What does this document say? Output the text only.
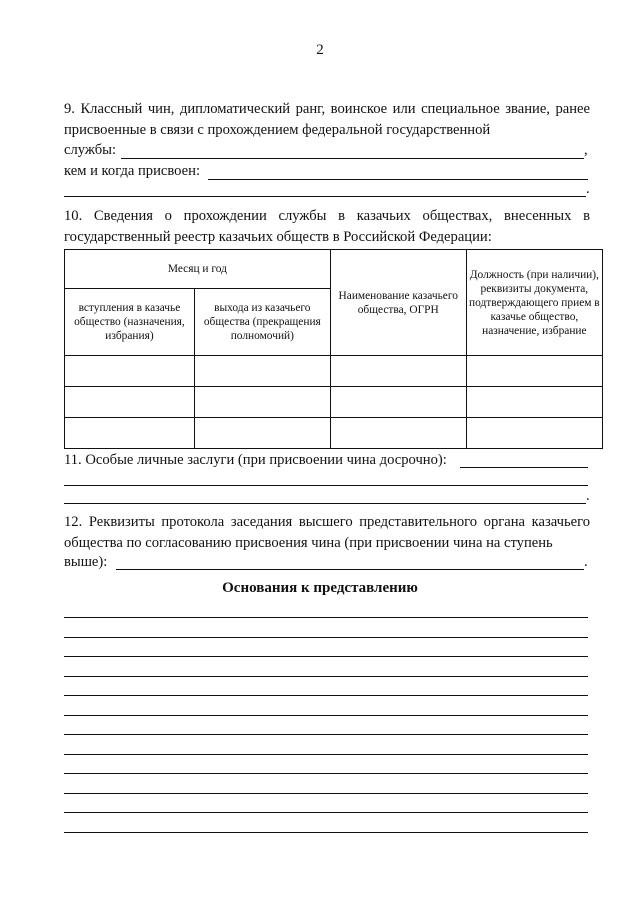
2
9. Классный чин, дипломатический ранг, воинское или специальное звание, ранее присвоенные в связи с прохождением федеральной государственной
службы:	,
кем и когда присвоен:
.
10. Сведения о прохождении службы в казачьих обществах, внесенных в государственный реестр казачьих обществ в Российской Федерации:
Месяц и год		Наименование казачьего общества, ОГРН	Должность (при наличии), реквизиты документа, подтверждающего прием в казачье общество, назначение, избрание
вступления в казачье общество (назначения, избрания)	выхода из казачьего общества (прекращения полномочий)		

11. Особые личные заслуги (при присвоении чина досрочно):
.
12. Реквизиты протокола заседания высшего представительного органа казачьего общества по согласованию присвоения чина (при присвоении чина на ступень
выше):	.
Основания к представлению
